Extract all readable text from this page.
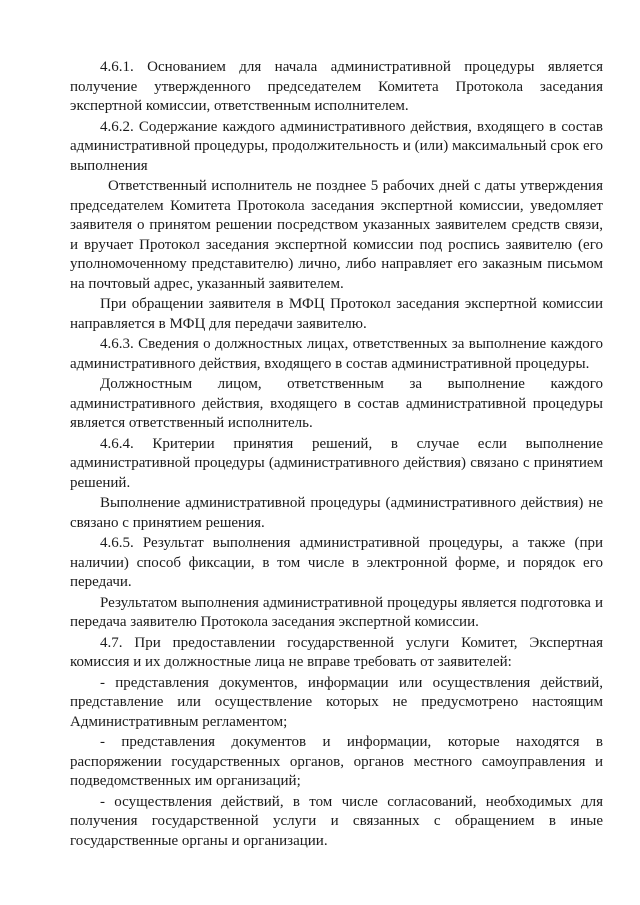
4.6.1. Основанием для начала административной процедуры является получение утвержденного председателем Комитета Протокола заседания экспертной комиссии, ответственным исполнителем.

4.6.2. Содержание каждого административного действия, входящего в состав административной процедуры, продолжительность и (или) максимальный срок его выполнения

Ответственный исполнитель не позднее 5 рабочих дней с даты утверждения председателем Комитета Протокола заседания экспертной комиссии, уведомляет заявителя о принятом решении посредством указанных заявителем средств связи, и вручает Протокол заседания экспертной комиссии под роспись заявителю (его уполномоченному представителю) лично, либо направляет его заказным письмом на почтовый адрес, указанный заявителем.

При обращении заявителя в МФЦ Протокол заседания экспертной комиссии направляется в МФЦ для передачи заявителю.

4.6.3. Сведения о должностных лицах, ответственных за выполнение каждого административного действия, входящего в состав административной процедуры.

Должностным лицом, ответственным за выполнение каждого административного действия, входящего в состав административной процедуры является ответственный исполнитель.

4.6.4. Критерии принятия решений, в случае если выполнение административной процедуры (административного действия) связано с принятием решений.

Выполнение административной процедуры (административного действия) не связано с принятием решения.

4.6.5. Результат выполнения административной процедуры, а также (при наличии) способ фиксации, в том числе в электронной форме, и порядок его передачи.

Результатом выполнения административной процедуры является подготовка и передача заявителю Протокола заседания экспертной комиссии.

4.7. При предоставлении государственной услуги Комитет, Экспертная комиссия и их должностные лица не вправе требовать от заявителей:

- представления документов, информации или осуществления действий, представление или осуществление которых не предусмотрено настоящим Административным регламентом;

- представления документов и информации, которые находятся в распоряжении государственных органов, органов местного самоуправления и подведомственных им организаций;

- осуществления действий, в том числе согласований, необходимых для получения государственной услуги и связанных с обращением в иные государственные органы и организации.
